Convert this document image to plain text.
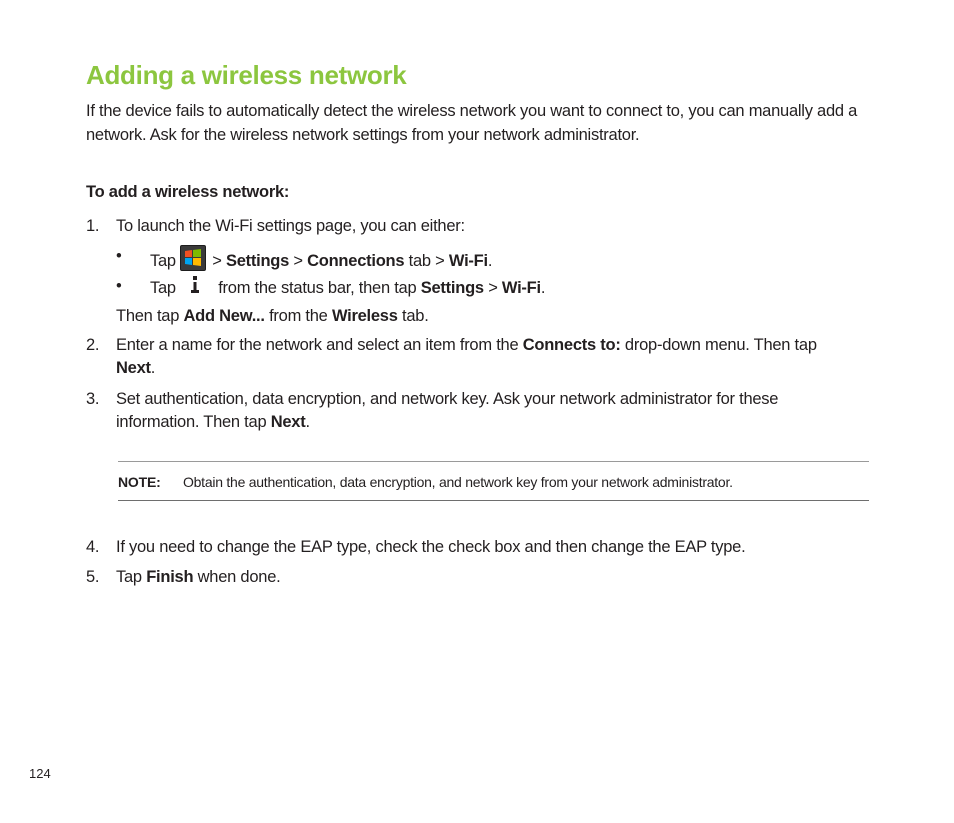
Adding a wireless network
If the device fails to automatically detect the wireless network you want to connect to, you can manually add a network. Ask for the wireless network settings from your network administrator.
To add a wireless network:
1. To launch the Wi-Fi settings page, you can either:
• Tap > Settings > Connections tab > Wi-Fi.
• Tap	from the status bar, then tap Settings > Wi-Fi.
Then tap Add New... from the Wireless tab.
2. Enter a name for the network and select an item from the Connects to: drop-down menu. Then tap
Next.
3. Set authentication, data encryption, and network key. Ask your network administrator for these
information. Then tap Next.
NOTE: Obtain the authentication, data encryption, and network key from your network administrator.
4. If you need to change the EAP type, check the check box and then change the EAP type.
5. Tap Finish when done.
124
